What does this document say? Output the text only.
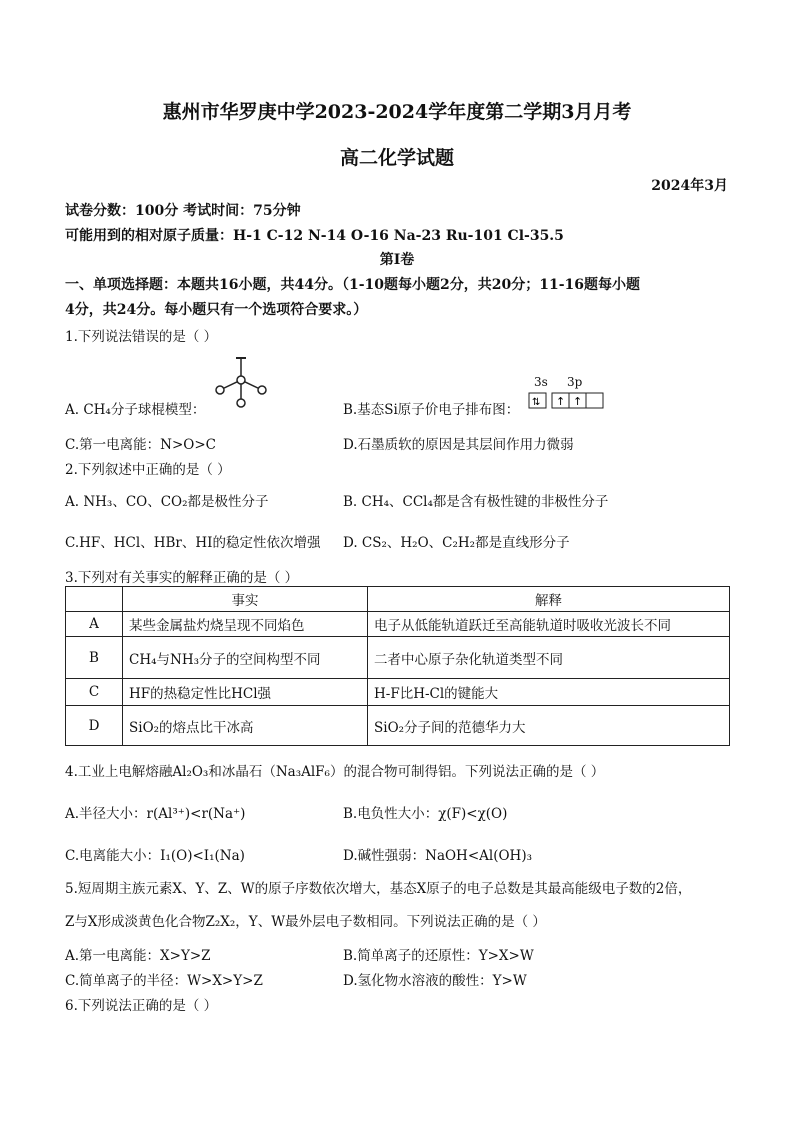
惠州市华罗庚中学2023-2024学年度第二学期3月月考
高二化学试题
2024年3月
试卷分数：100分 考试时间：75分钟
可能用到的相对原子质量：H-1 C-12 N-14 O-16 Na-23 Ru-101 Cl-35.5
第Ⅰ卷
一、单项选择题：本题共16小题，共44分。（1-10题每小题2分，共20分；11-16题每小题
4分，共24分。每小题只有一个选项符合要求。）
1.下列说法错误的是（ ）
A. CH₄分子球棍模型：	B.基态Si原子价电子排布图：
3s 3p
⇅ ↑ ↑
C.第一电离能：N>O>C	D.石墨质软的原因是其层间作用力微弱
2.下列叙述中正确的是（ ）
A. NH₃、CO、CO₂都是极性分子	B. CH₄、CCl₄都是含有极性键的非极性分子
C.HF、HCl、HBr、HI的稳定性依次增强 D. CS₂、H₂O、C₂H₂都是直线形分子
3.下列对有关事实的解释正确的是（ ）
	事实	解释
A	某些金属盐灼烧呈现不同焰色	电子从低能轨道跃迁至高能轨道时吸收光波长不同
B	CH₄与NH₃分子的空间构型不同	二者中心原子杂化轨道类型不同
C	HF的热稳定性比HCl强	H-F比H-Cl的键能大
D	SiO₂的熔点比干冰高	SiO₂分子间的范德华力大
4.工业上电解熔融Al₂O₃和冰晶石（Na₃AlF₆）的混合物可制得铝。下列说法正确的是（ ）
A.半径大小：r(Al³⁺)<r(Na⁺)	B.电负性大小：χ(F)<χ(O)
C.电离能大小：I₁(O)<I₁(Na)	D.碱性强弱：NaOH<Al(OH)₃
5.短周期主族元素X、Y、Z、W的原子序数依次增大，基态X原子的电子总数是其最高能级电子数的2倍，
Z与X形成淡黄色化合物Z₂X₂，Y、W最外层电子数相同。下列说法正确的是（ ）
A.第一电离能：X>Y>Z	B.简单离子的还原性：Y>X>W
C.简单离子的半径：W>X>Y>Z	D.氢化物水溶液的酸性：Y>W
6.下列说法正确的是（ ）
